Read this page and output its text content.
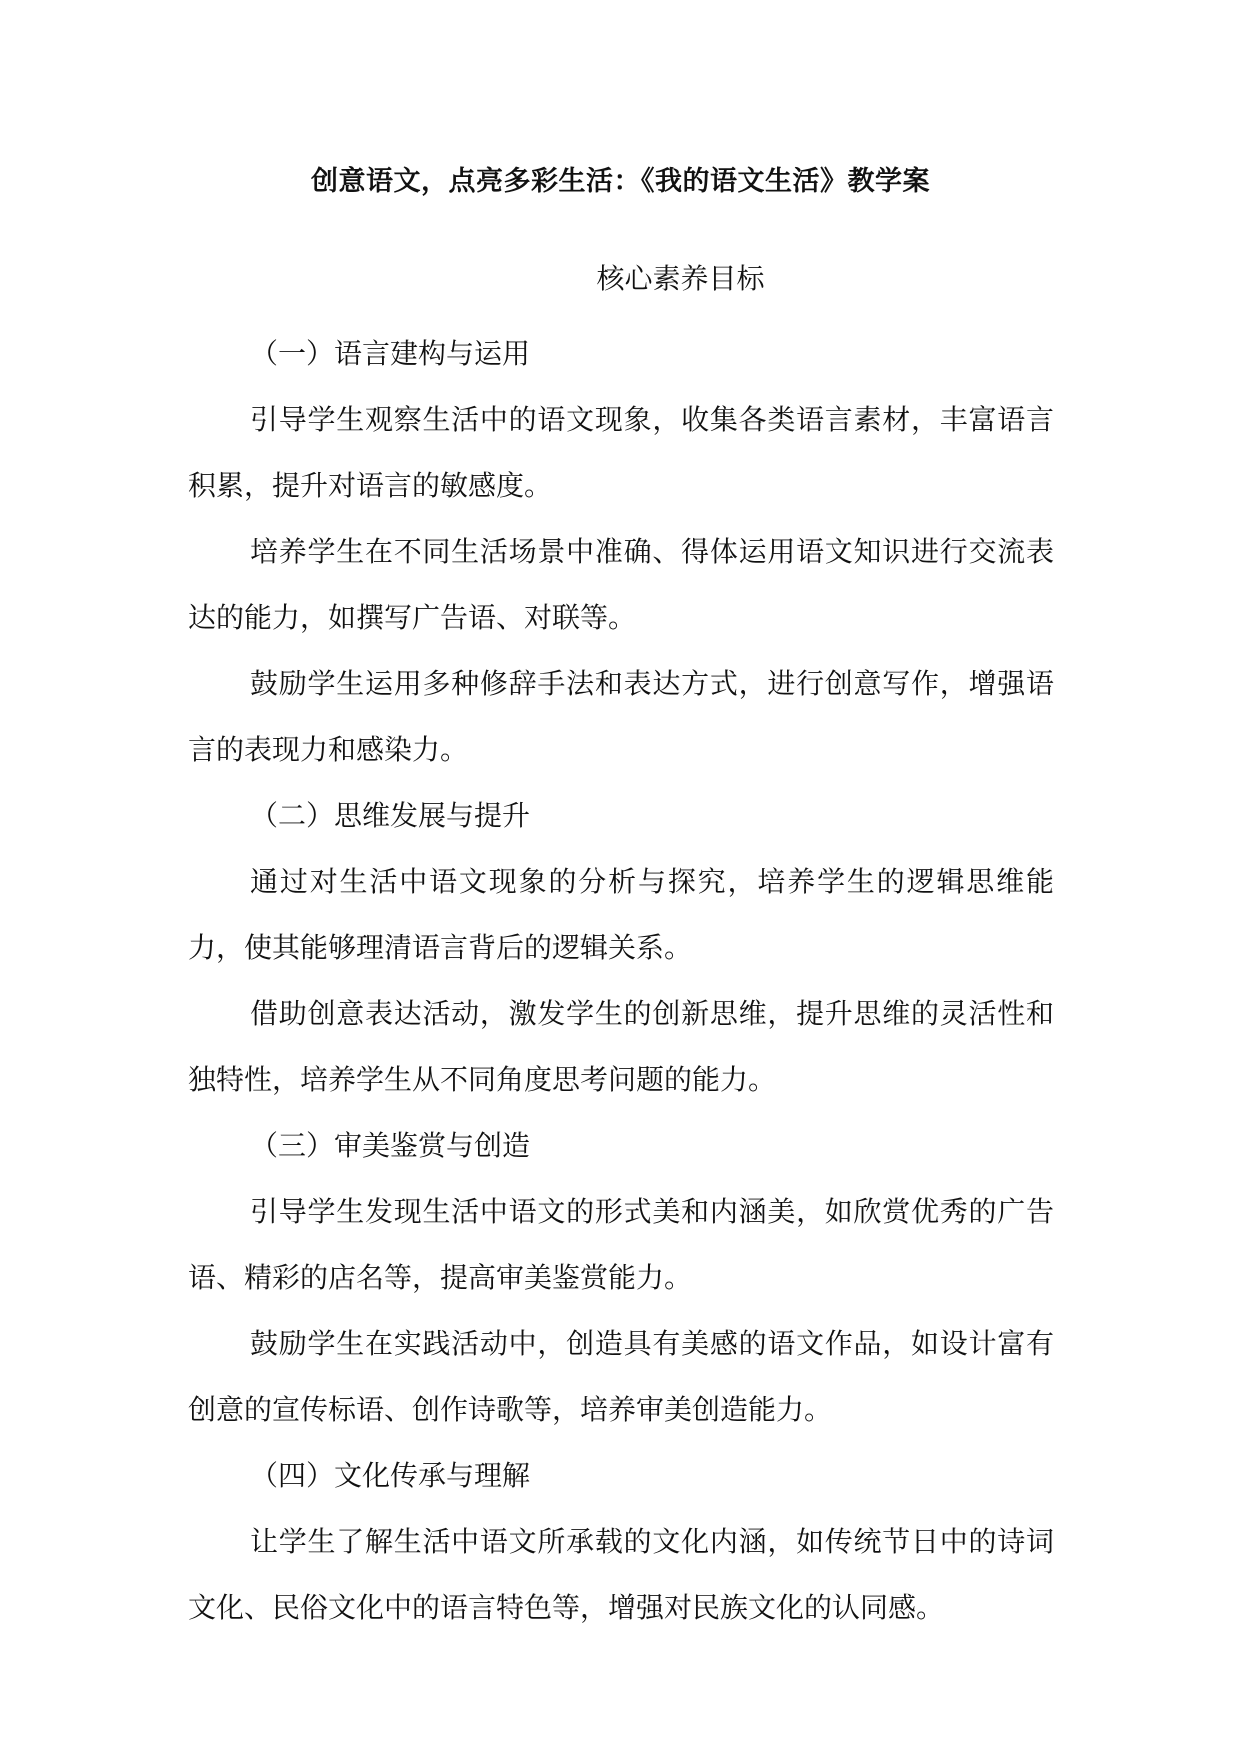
创意语文，点亮多彩生活：《我的语文生活》教学案
核心素养目标

（一）语言建构与运用

引导学生观察生活中的语文现象，收集各类语言素材，丰富语言积累，提升对语言的敏感度。

培养学生在不同生活场景中准确、得体运用语文知识进行交流表达的能力，如撰写广告语、对联等。

鼓励学生运用多种修辞手法和表达方式，进行创意写作，增强语言的表现力和感染力。

（二）思维发展与提升

通过对生活中语文现象的分析与探究，培养学生的逻辑思维能力，使其能够理清语言背后的逻辑关系。

借助创意表达活动，激发学生的创新思维，提升思维的灵活性和独特性，培养学生从不同角度思考问题的能力。

（三）审美鉴赏与创造

引导学生发现生活中语文的形式美和内涵美，如欣赏优秀的广告语、精彩的店名等，提高审美鉴赏能力。

鼓励学生在实践活动中，创造具有美感的语文作品，如设计富有创意的宣传标语、创作诗歌等，培养审美创造能力。

（四）文化传承与理解

让学生了解生活中语文所承载的文化内涵，如传统节日中的诗词文化、民俗文化中的语言特色等，增强对民族文化的认同感。
